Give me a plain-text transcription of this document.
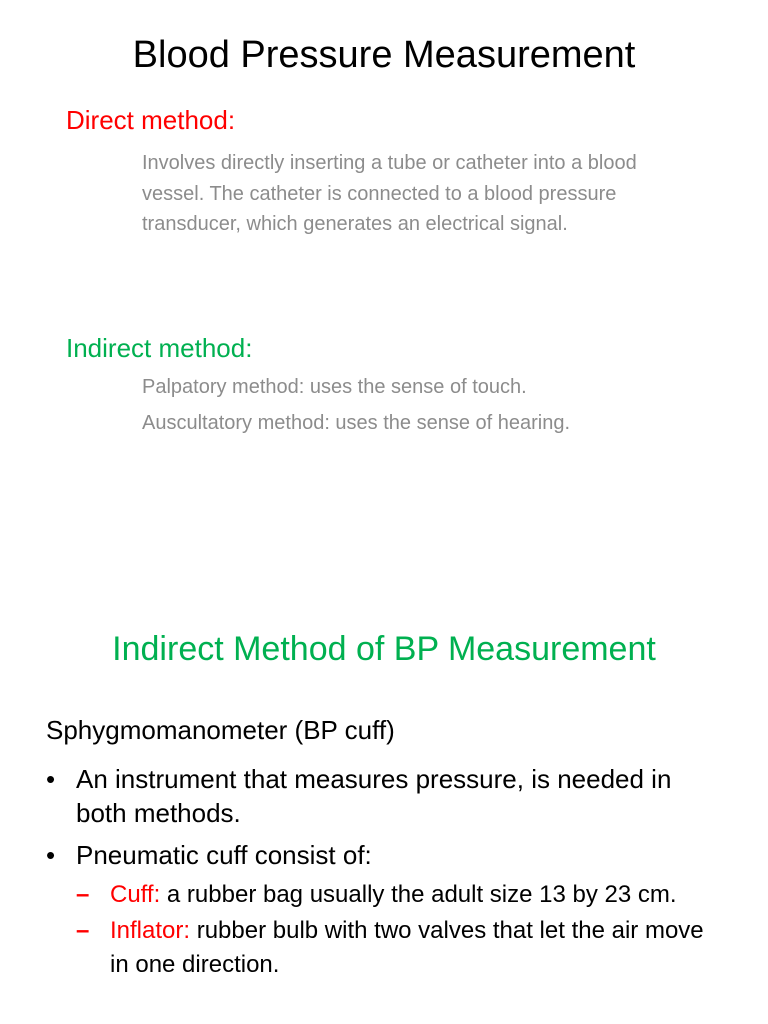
Blood Pressure Measurement
Direct method:
Involves directly inserting a tube or catheter into a blood vessel. The catheter is connected to a blood pressure transducer, which generates an electrical signal.
Indirect method:
Palpatory method: uses the sense of touch.
Auscultatory method: uses the sense of hearing.
Indirect Method of BP Measurement
Sphygmomanometer (BP cuff)
• An instrument that measures pressure, is needed in both methods.
• Pneumatic cuff consist of:
– Cuff: a rubber bag usually the adult size 13 by 23 cm.
– Inflator: rubber bulb with two valves that let the air move in one direction.
